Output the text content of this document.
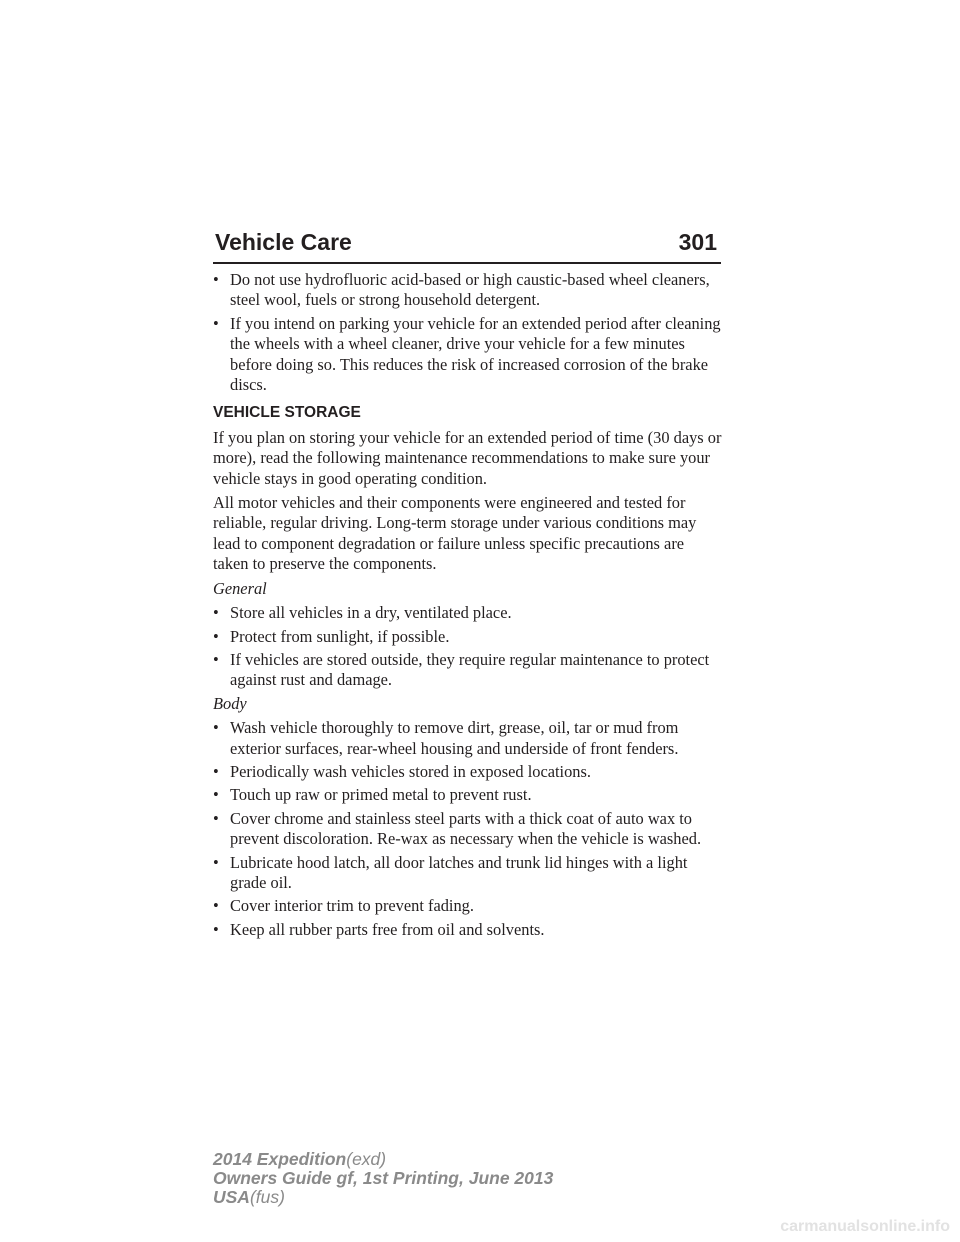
Vehicle Care	301
• Do not use hydrofluoric acid-based or high caustic-based wheel cleaners, steel wool, fuels or strong household detergent.
• If you intend on parking your vehicle for an extended period after cleaning the wheels with a wheel cleaner, drive your vehicle for a few minutes before doing so. This reduces the risk of increased corrosion of the brake discs.
VEHICLE STORAGE
If you plan on storing your vehicle for an extended period of time (30 days or more), read the following maintenance recommendations to make sure your vehicle stays in good operating condition.
All motor vehicles and their components were engineered and tested for reliable, regular driving. Long-term storage under various conditions may lead to component degradation or failure unless specific precautions are taken to preserve the components.
General
• Store all vehicles in a dry, ventilated place.
• Protect from sunlight, if possible.
• If vehicles are stored outside, they require regular maintenance to protect against rust and damage.
Body
• Wash vehicle thoroughly to remove dirt, grease, oil, tar or mud from exterior surfaces, rear-wheel housing and underside of front fenders.
• Periodically wash vehicles stored in exposed locations.
• Touch up raw or primed metal to prevent rust.
• Cover chrome and stainless steel parts with a thick coat of auto wax to prevent discoloration. Re-wax as necessary when the vehicle is washed.
• Lubricate hood latch, all door latches and trunk lid hinges with a light grade oil.
• Cover interior trim to prevent fading.
• Keep all rubber parts free from oil and solvents.
2014 Expedition(exd)
Owners Guide gf, 1st Printing, June 2013
USA(fus)
carmanualsonline.info
